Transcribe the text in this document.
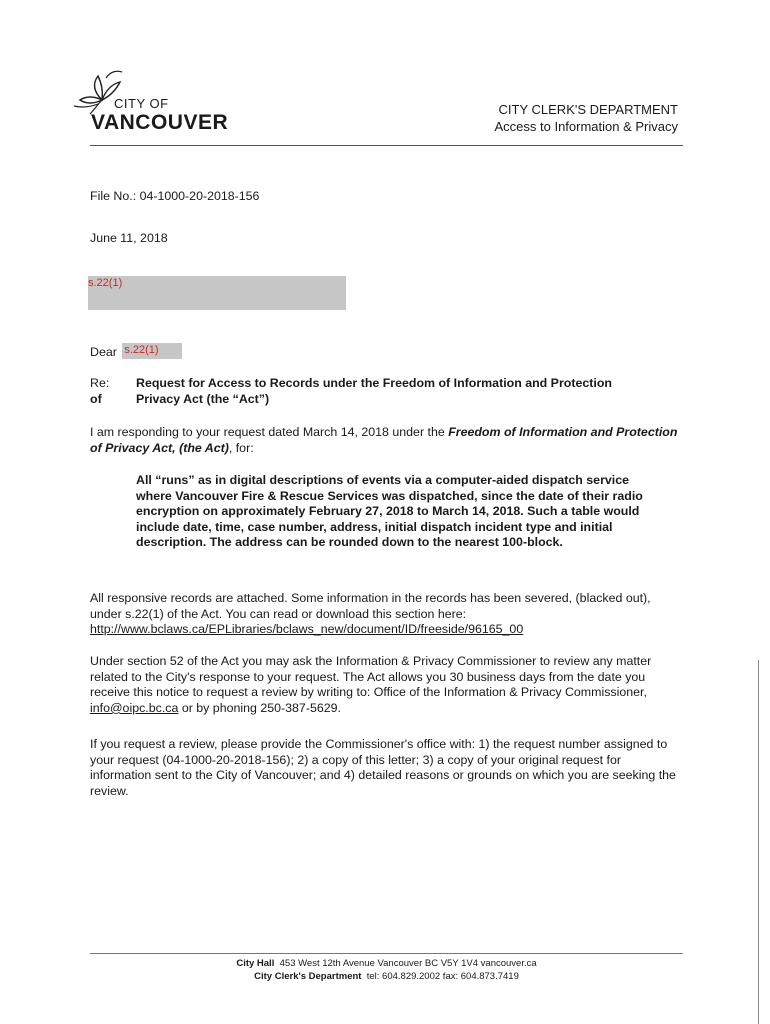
CITY OF
VANCOUVER
CITY CLERK'S DEPARTMENT
Access to Information & Privacy
File No.: 04-1000-20-2018-156
June 11, 2018
s.22(1)
Dear s.22(1)
Re: Request for Access to Records under the Freedom of Information and Protection
Privacy Act (the “Act”)
of
I am responding to your request dated March 14, 2018 under the Freedom of Information and Protection of Privacy Act, (the Act), for:
All “runs” as in digital descriptions of events via a computer-aided dispatch service where Vancouver Fire & Rescue Services was dispatched, since the date of their radio encryption on approximately February 27, 2018 to March 14, 2018. Such a table would include date, time, case number, address, initial dispatch incident type and initial description. The address can be rounded down to the nearest 100-block.
All responsive records are attached. Some information in the records has been severed, (blacked out), under s.22(1) of the Act. You can read or download this section here:
http://www.bclaws.ca/EPLibraries/bclaws_new/document/ID/freeside/96165_00
Under section 52 of the Act you may ask the Information & Privacy Commissioner to review any matter related to the City's response to your request. The Act allows you 30 business days from the date you receive this notice to request a review by writing to: Office of the Information & Privacy Commissioner, info@oipc.bc.ca or by phoning 250-387-5629.
If you request a review, please provide the Commissioner's office with: 1) the request number assigned to your request (04-1000-20-2018-156); 2) a copy of this letter; 3) a copy of your original request for information sent to the City of Vancouver; and 4) detailed reasons or grounds on which you are seeking the review.
City Hall 453 West 12th Avenue Vancouver BC V5Y 1V4 vancouver.ca
City Clerk's Department tel: 604.829.2002 fax: 604.873.7419
